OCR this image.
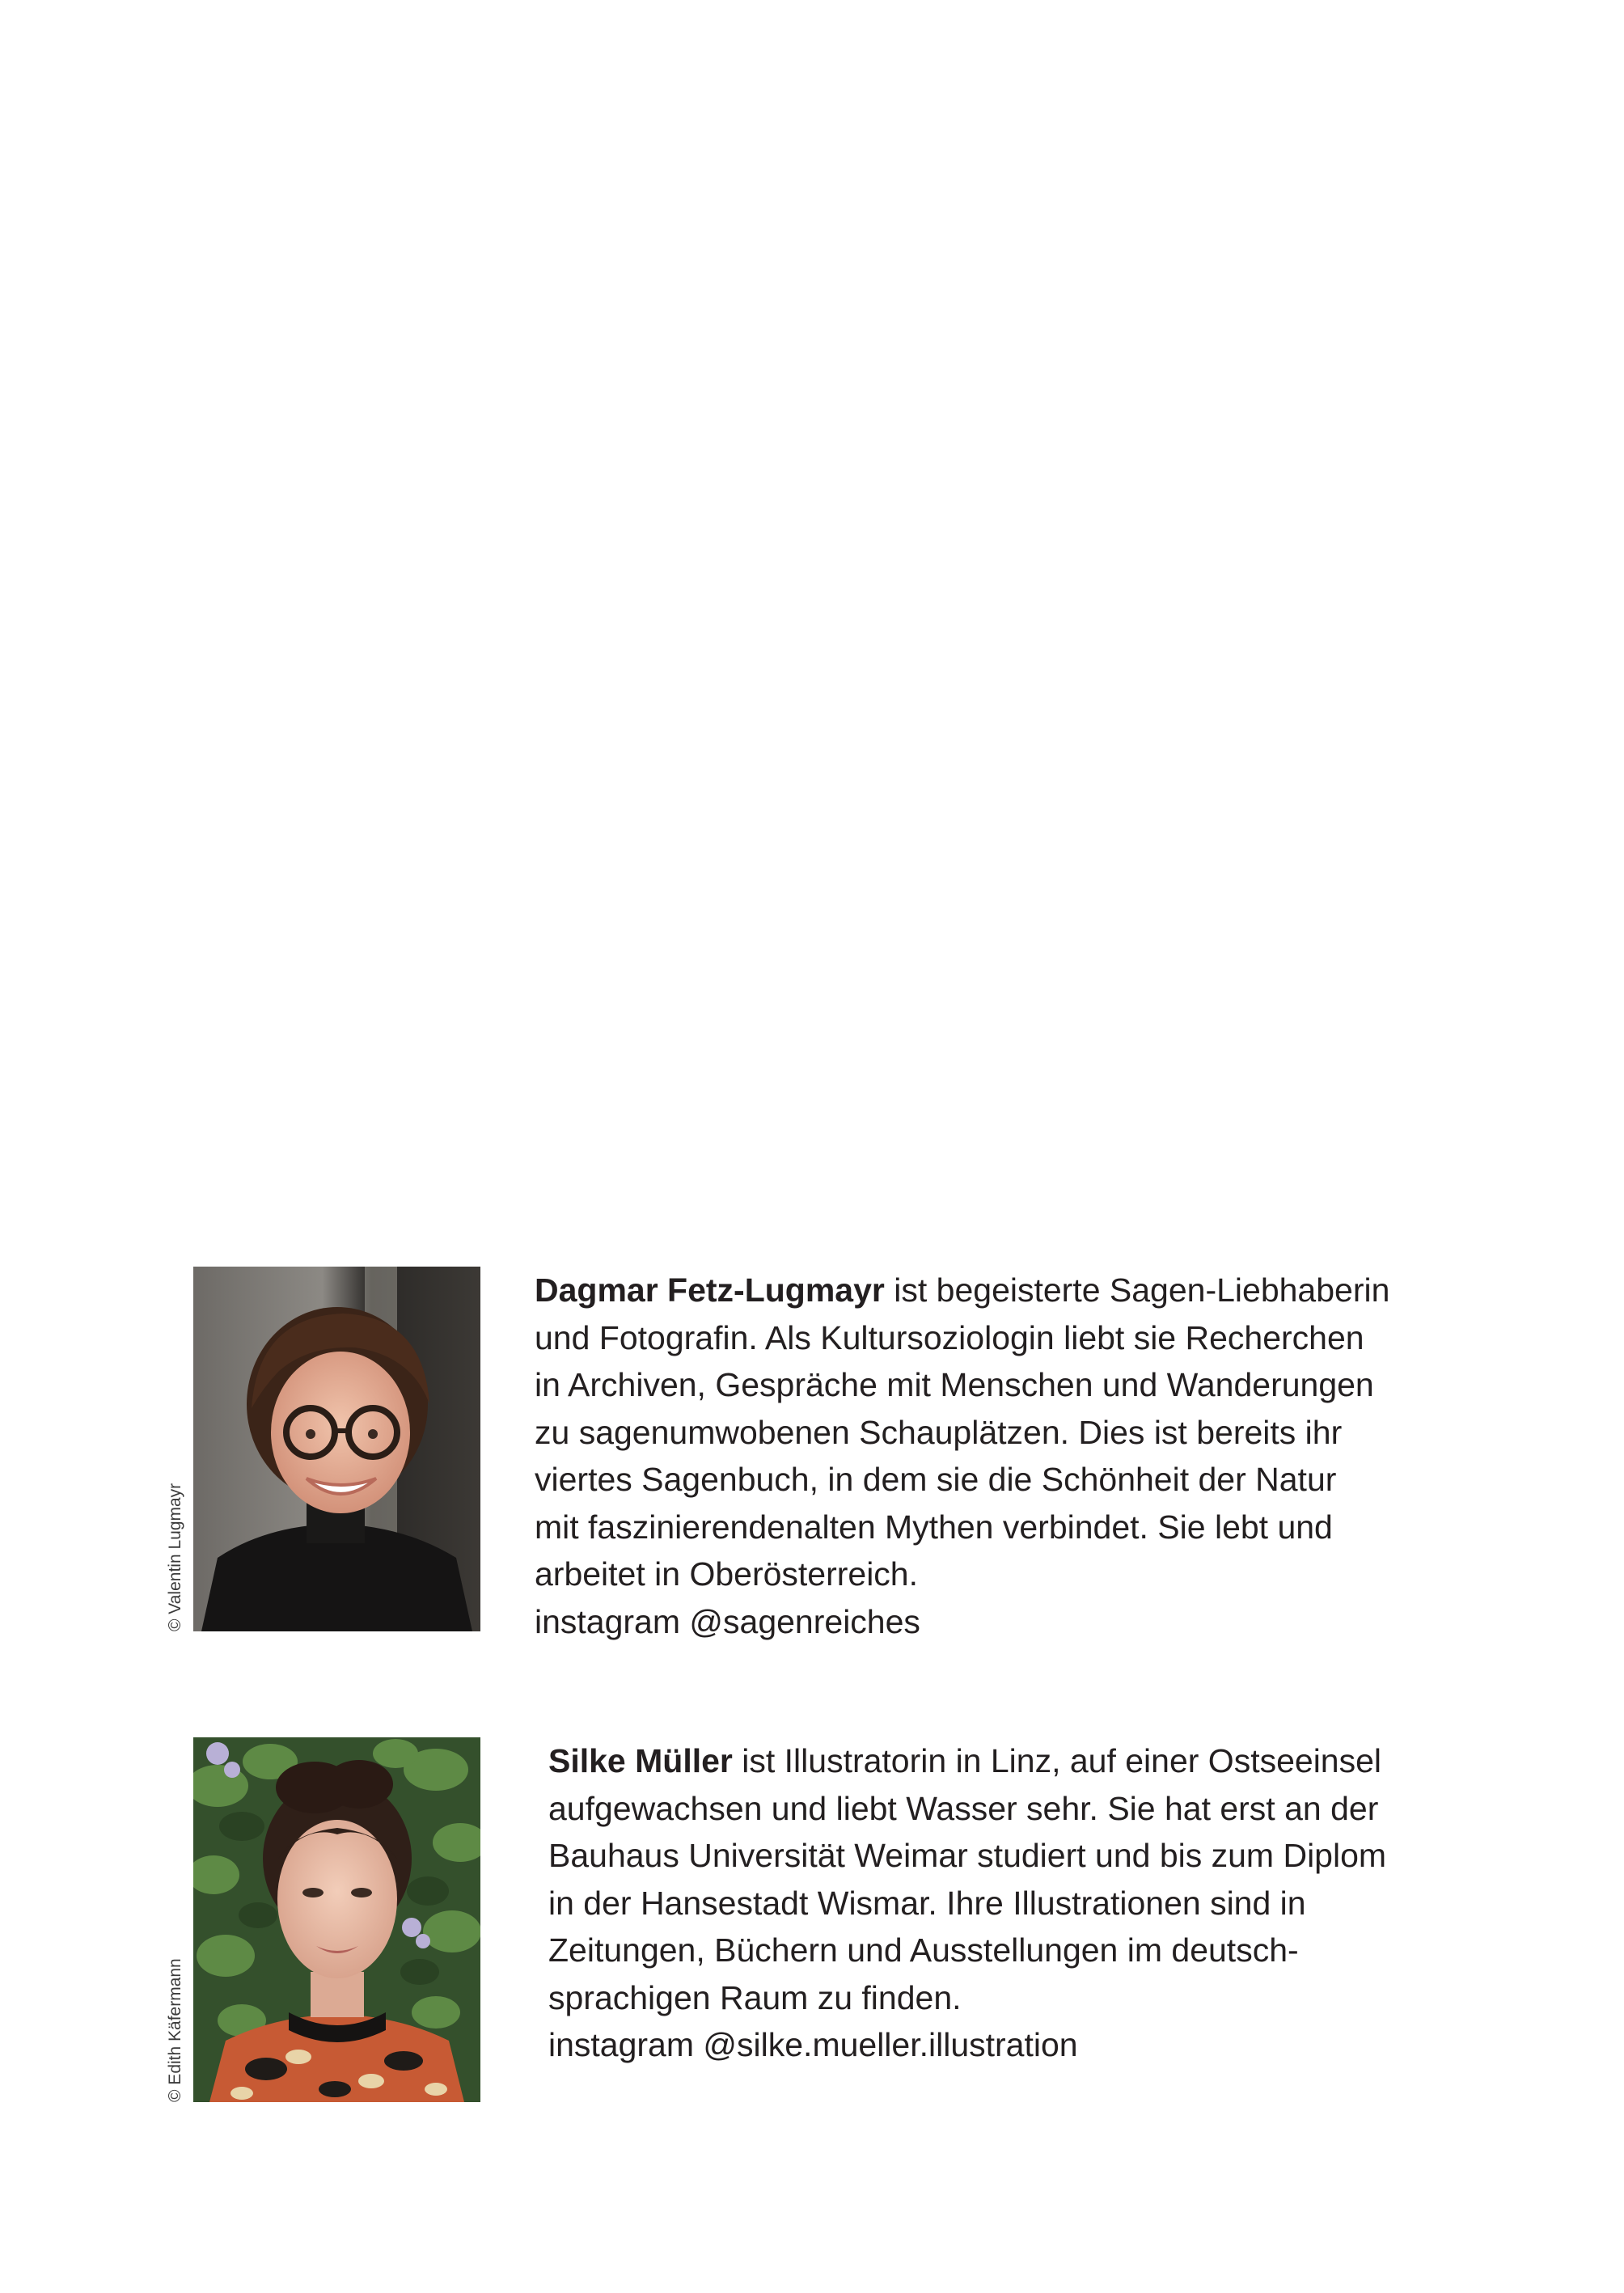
© Valentin Lugmayr
Dagmar Fetz-Lugmayr ist begeisterte Sagen-Liebhaberin
und Fotografin. Als Kultursoziologin liebt sie Recherchen
in Archiven, Gespräche mit Menschen und Wanderungen
zu sagenumwobenen Schauplätzen. Dies ist bereits ihr
viertes Sagenbuch, in dem sie die Schönheit der Natur
mit faszinierendenalten Mythen verbindet. Sie lebt und
arbeitet in Oberösterreich.
instagram @sagenreiches
© Edith Käfermann
Silke Müller ist Illustratorin in Linz, auf einer Ostseeinsel
aufgewachsen und liebt Wasser sehr. Sie hat erst an der
Bauhaus Universität Weimar studiert und bis zum Diplom
in der Hansestadt Wismar. Ihre Illustrationen sind in
Zeitungen, Büchern und Ausstellungen im deutsch-
sprachigen Raum zu finden.
instagram @silke.mueller.illustration
